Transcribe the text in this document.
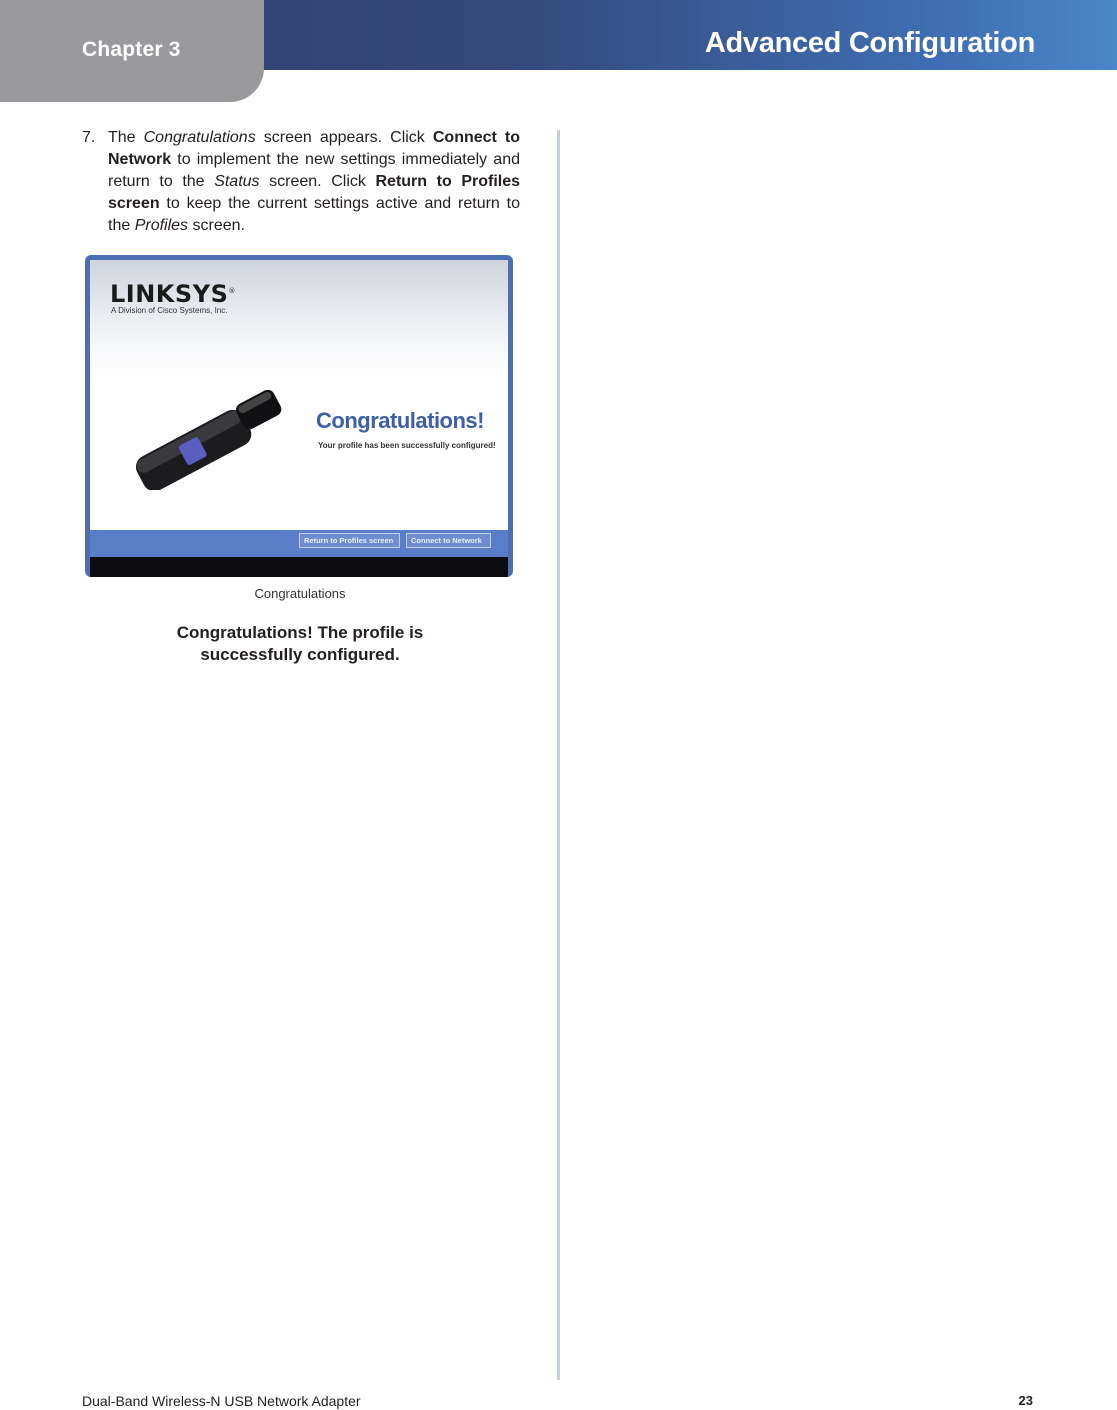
Chapter 3	Advanced Configuration
7. The Congratulations screen appears. Click Connect to Network to implement the new settings immediately and return to the Status screen. Click Return to Profiles screen to keep the current settings active and return to the Profiles screen.
LINKSYS®
A Division of Cisco Systems, Inc.
Congratulations!
Your profile has been successfully configured!
Return to Profiles screen	Connect to Network
Congratulations
Congratulations! The profile is
successfully configured.
Dual-Band Wireless-N USB Network Adapter	23
